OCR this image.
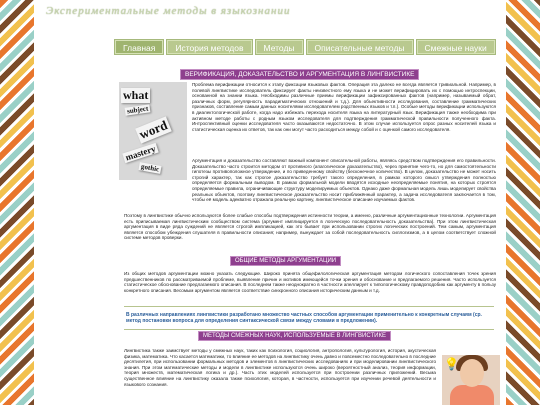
Экспериментальные методы в языкознании
Главная	История методов	Методы	Описательные методы	Смежные науки
ВЕРИФИКАЦИЯ, ДОКАЗАТЕЛЬСТВО И АРГУМЕНТАЦИЯ В ЛИНГВИСТИКЕ
what
subject
word
mastery
gothic
Проблема верификации относится к этапу фиксации языковых фактов. Операция эта далеко не всегда является тривиальной. Например, в полевой лингвистике исследователь фиксирует факты неизвестного ему языка и не может верифицировать их с помощью интроспекции, основанной на знании языка. Необходимы различные приемы верификации зафиксированных фактов (например, называемый обрат, различных форм, регулярность парадигматических отношений и т.д.). Для объективности исследования, составление грамматических признаков, составление самым данных носителями исследователем родственных языков и т.п.). Особые методы верификации используются в диалектологической работе, когда надо избежать перехода носителя языка на литературный язык. Верификация также необходима при активном методе работы с родным языком исследователя для подтверждения грамматической правильности полученного факта. Интроспективный оценки исследователя часто оказываются недостаточно. В этом случае используется опрос разных носителей языка и статистическая оценка их ответов, так как они могут часто расходиться между собой и с оценкой самого исследователя.
Аргументация и доказательство составляют важный компонент описательной работы, являясь средством подтверждения его правильности. Доказательство часто строится методом от противного (апагогическое доказательство), через принятие чего-то, но для самостоятельности гипотезы противоположное утверждение, и по приведенному свойству (бесконечное количество). В целом, доказательство не может носить строгий характер, так как строгое доказательство требует такого определения, в рамках которого смысл утверждения полностью определяется формальным выводом. В рамках формальной модели вводятся исходные неопределяемые понятия, на которых строятся определяемые правила, ограничивающие структуру моделируемых объектов. Однако даже формальная модель лишь моделирует свойства реальных объектов, поэтому лингвистическое доказательство носит приближённый характер, а задача исследователя заключается в том, чтобы её модель адекватно отражала реальную картину, лингвистическое описание изучаемых фактов.
Поэтому в лингвистике обычно используются более слабые способы подтверждения истинности теории, а именно, различные аргументационные технологии. Аргументация есть приписываемая лингвистическим сообществом система (аргумент имплицируется в логическую последовательность доказательства). При этом лингвистическая аргументация в виде ряда суждений не является строгой импликацией, как это бывает при использовании строгих логических построений. Тем самым, аргументация является способом убеждения слушателя в правильности описания; например, вынуждает за собой последовательность силлогизмов, а в целом соответствует сложной системе методов проверки.
ОБЩИЕ МЕТОДЫ АРГУМЕНТАЦИИ
Из общих методов аргументации можно указать следующие. Широко принята общефилологическая аргументация методом логического сопоставления точек зрения предшественников по рассматриваемой проблеме, выявление причин и мотивов имеющейся точки зрения и обоснование и предлагаемого решения. Часто используется статистическое обоснование предлагаемого описания. В последнем также неоднократно в частности апеллирует к типологическому правдоподобию как аргументу в пользу конкретного описания. Весомым аргументом является соответствие синхронного описания историческим данным и т.д.
В различных направлениях лингвистики разработано множество частных способов аргументации применительно к конкретным случаям (ср. метод постановки вопроса для определения синтаксической связи между словами в предложении).
МЕТОДЫ СМЕЖНЫХ НАУК, ИСПОЛЬЗУЕМЫЕ В ЛИНГВИСТИКЕ
Лингвистика также заимствует методы у смежных наук, таких как психология, социология, антропология, культурология, история, акустическая физика, математика. Что касается математики, то влияние ее методов на лингвистику очень давно и повсеместно последовательно в последние десятилетия, при использовании формальных методов и элементов в лингвистических исследованиях и при моделировании лингвистического знания. При этом математические методы и модели в лингвистике используются очень широко (вероятностный анализ, теория информации, теория множеств, математическая логика и др.). Часть этих моделей используется при построении различных приложений. Весьма существенное влияние на лингвистику оказала также психология, которая, в частности, используется при изучении речевой деятельности и языкового сознания.
💡
